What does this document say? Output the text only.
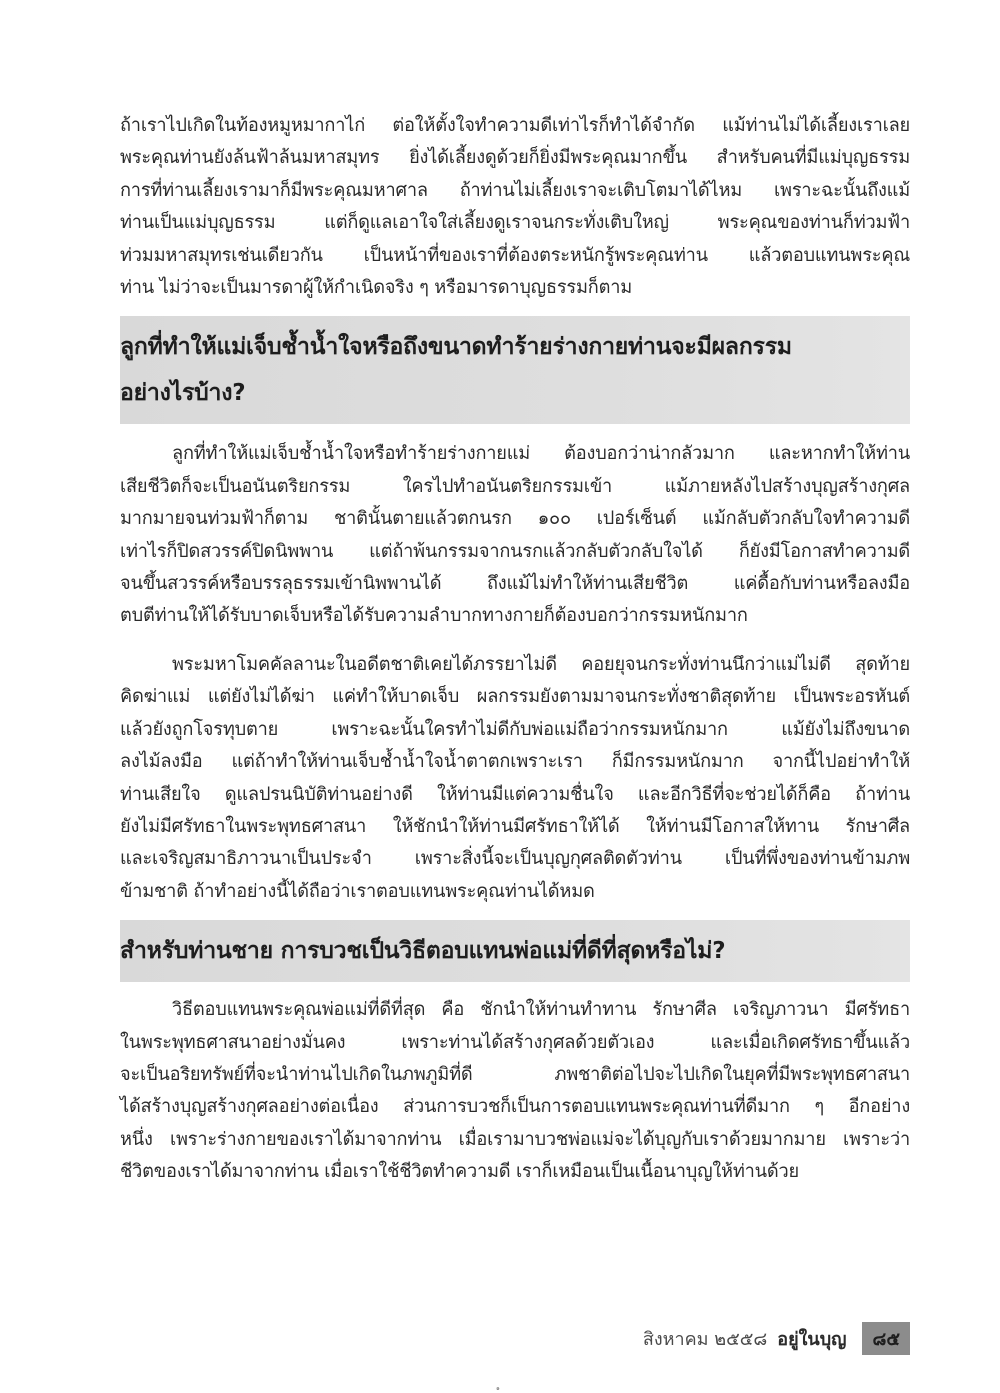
ถ้าเราไปเกิดในท้องหมูหมากาไก่ ต่อให้ตั้งใจทำความดีเท่าไรก็ทำได้จำกัด แม้ท่านไม่ได้เลี้ยงเราเลย
พระคุณท่านยังล้นฟ้าล้นมหาสมุทร ยิ่งได้เลี้ยงดูด้วยก็ยิ่งมีพระคุณมากขึ้น สำหรับคนที่มีแม่บุญธรรม
การที่ท่านเลี้ยงเรามาก็มีพระคุณมหาศาล ถ้าท่านไม่เลี้ยงเราจะเติบโตมาได้ไหม เพราะฉะนั้นถึงแม้
ท่านเป็นแม่บุญธรรม แต่ก็ดูแลเอาใจใส่เลี้ยงดูเราจนกระทั่งเติบใหญ่ พระคุณของท่านก็ท่วมฟ้า
ท่วมมหาสมุทรเช่นเดียวกัน เป็นหน้าที่ของเราที่ต้องตระหนักรู้พระคุณท่าน แล้วตอบแทนพระคุณ
ท่าน ไม่ว่าจะเป็นมารดาผู้ให้กำเนิดจริง ๆ หรือมารดาบุญธรรมก็ตาม
ลูกที่ทำให้แม่เจ็บช้ำน้ำใจหรือถึงขนาดทำร้ายร่างกายท่านจะมีผลกรรม
อย่างไรบ้าง?
ลูกที่ทำให้แม่เจ็บช้ำน้ำใจหรือทำร้ายร่างกายแม่ ต้องบอกว่าน่ากลัวมาก และหากทำให้ท่าน
เสียชีวิตก็จะเป็นอนันตริยกรรม ใครไปทำอนันตริยกรรมเข้า แม้ภายหลังไปสร้างบุญสร้างกุศล
มากมายจนท่วมฟ้าก็ตาม ชาตินั้นตายแล้วตกนรก ๑๐๐ เปอร์เซ็นต์ แม้กลับตัวกลับใจทำความดี
เท่าไรก็ปิดสวรรค์ปิดนิพพาน แต่ถ้าพ้นกรรมจากนรกแล้วกลับตัวกลับใจได้ ก็ยังมีโอกาสทำความดี
จนขึ้นสวรรค์หรือบรรลุธรรมเข้านิพพานได้ ถึงแม้ไม่ทำให้ท่านเสียชีวิต แค่ดื้อกับท่านหรือลงมือ
ตบตีท่านให้ได้รับบาดเจ็บหรือได้รับความลำบากทางกายก็ต้องบอกว่ากรรมหนักมาก
พระมหาโมคคัลลานะในอดีตชาติเคยได้ภรรยาไม่ดี คอยยุจนกระทั่งท่านนึกว่าแม่ไม่ดี สุดท้าย
คิดฆ่าแม่ แต่ยังไม่ได้ฆ่า แค่ทำให้บาดเจ็บ ผลกรรมยังตามมาจนกระทั่งชาติสุดท้าย เป็นพระอรหันต์
แล้วยังถูกโจรทุบตาย เพราะฉะนั้นใครทำไม่ดีกับพ่อแม่ถือว่ากรรมหนักมาก แม้ยังไม่ถึงขนาด
ลงไม้ลงมือ แต่ถ้าทำให้ท่านเจ็บช้ำน้ำใจน้ำตาตกเพราะเรา ก็มีกรรมหนักมาก จากนี้ไปอย่าทำให้
ท่านเสียใจ ดูแลปรนนิบัติท่านอย่างดี ให้ท่านมีแต่ความชื่นใจ และอีกวิธีที่จะช่วยได้ก็คือ ถ้าท่าน
ยังไม่มีศรัทธาในพระพุทธศาสนา ให้ชักนำให้ท่านมีศรัทธาให้ได้ ให้ท่านมีโอกาสให้ทาน รักษาศีล
และเจริญสมาธิภาวนาเป็นประจำ เพราะสิ่งนี้จะเป็นบุญกุศลติดตัวท่าน เป็นที่พึ่งของท่านข้ามภพ
ข้ามชาติ ถ้าทำอย่างนี้ได้ถือว่าเราตอบแทนพระคุณท่านได้หมด
สำหรับท่านชาย การบวชเป็นวิธีตอบแทนพ่อแม่ที่ดีที่สุดหรือไม่?
วิธีตอบแทนพระคุณพ่อแม่ที่ดีที่สุด คือ ชักนำให้ท่านทำทาน รักษาศีล เจริญภาวนา มีศรัทธา
ในพระพุทธศาสนาอย่างมั่นคง เพราะท่านได้สร้างกุศลด้วยตัวเอง และเมื่อเกิดศรัทธาขึ้นแล้ว
จะเป็นอริยทรัพย์ที่จะนำท่านไปเกิดในภพภูมิที่ดี ภพชาติต่อไปจะไปเกิดในยุคที่มีพระพุทธศาสนา
ได้สร้างบุญสร้างกุศลอย่างต่อเนื่อง ส่วนการบวชก็เป็นการตอบแทนพระคุณท่านที่ดีมาก ๆ อีกอย่าง
หนึ่ง เพราะร่างกายของเราได้มาจากท่าน เมื่อเรามาบวชพ่อแม่จะได้บุญกับเราด้วยมากมาย เพราะว่า
ชีวิตของเราได้มาจากท่าน เมื่อเราใช้ชีวิตทำความดี เราก็เหมือนเป็นเนื้อนาบุญให้ท่านด้วย
สิงหาคม ๒๕๕๘ อยู่ในบุญ	๘๕
๑
